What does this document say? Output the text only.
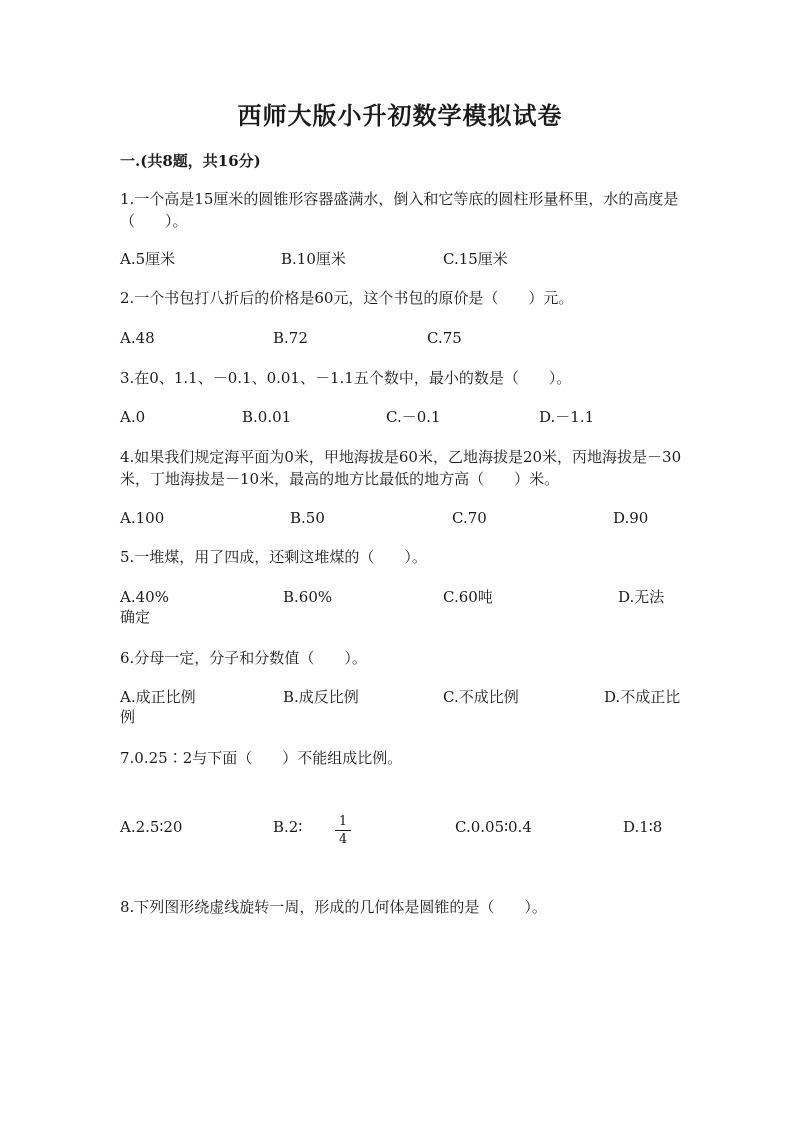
西师大版小升初数学模拟试卷
一.(共8题，共16分)
1.一个高是15厘米的圆锥形容器盛满水，倒入和它等底的圆柱形量杯里，水的高度是（　　）。
A.5厘米	B.10厘米	C.15厘米
2.一个书包打八折后的价格是60元，这个书包的原价是（　　）元。
A.48	B.72	C.75
3.在0、1.1、－0.1、0.01、－1.1五个数中，最小的数是（　　）。
A.0	B.0.01	C.－0.1	D.－1.1
4.如果我们规定海平面为0米，甲地海拔是60米，乙地海拔是20米，丙地海拔是－30米，丁地海拔是－10米，最高的地方比最低的地方高（　　）米。
A.100	B.50	C.70	D.90
5.一堆煤，用了四成，还剩这堆煤的（　　）。
A.40%	B.60%	C.60吨	D.无法确定
6.分母一定，分子和分数值（　　）。
A.成正比例	B.成反比例	C.不成比例	D.不成正比例
7.0.25∶2与下面（　　）不能组成比例。
A.2.5∶20	B.2∶	1
4
C.0.05∶0.4	D.1∶8
8.下列图形绕虚线旋转一周，形成的几何体是圆锥的是（　　）。
